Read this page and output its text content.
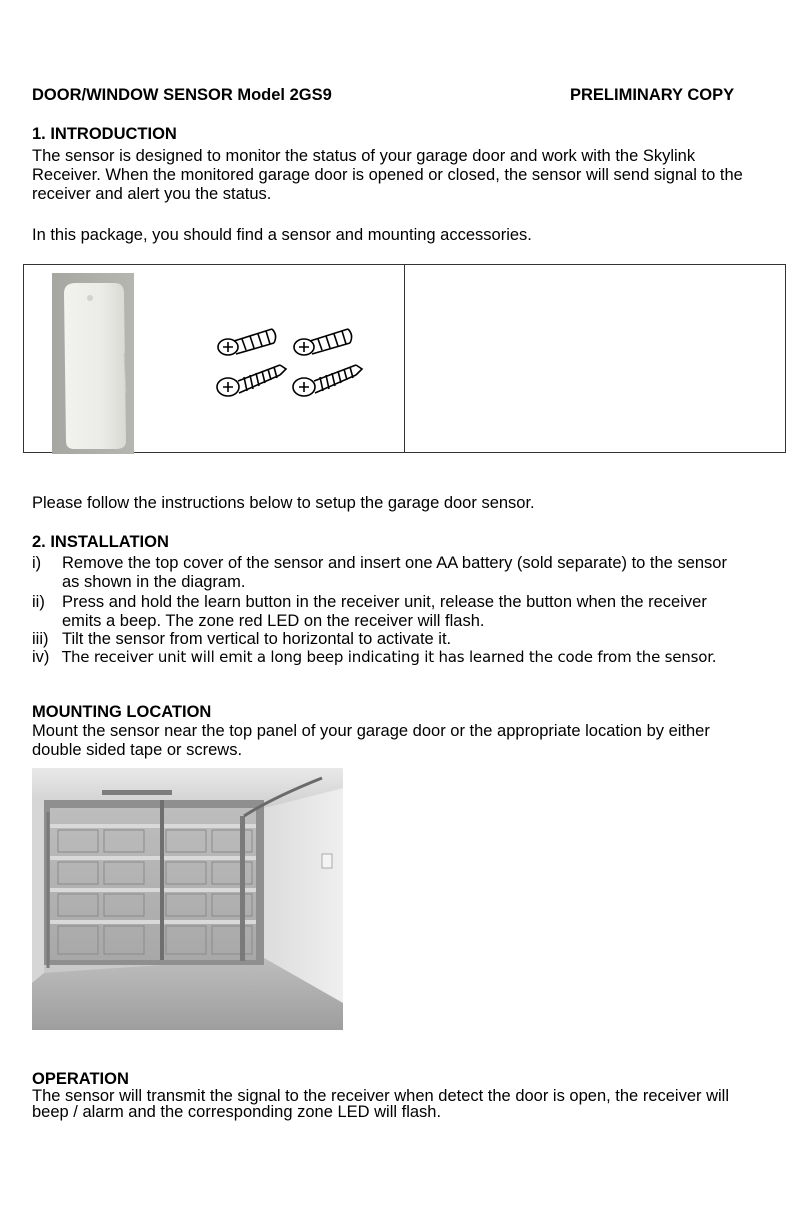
DOOR/WINDOW SENSOR Model 2GS9	PRELIMINARY COPY
1. INTRODUCTION
The sensor is designed to monitor the status of your garage door and work with the Skylink
Receiver. When the monitored garage door is opened or closed, the sensor will send signal to the
receiver and alert you the status.
In this package, you should find a sensor and mounting accessories.
Please follow the instructions below to setup the garage door sensor.
2. INSTALLATION
i)	Remove the top cover of the sensor and insert one AA battery (sold separate) to the sensor
as shown in the diagram.
ii)	Press and hold the learn button in the receiver unit, release the button when the receiver
emits a beep. The zone red LED on the receiver will flash.
iii) Tilt the sensor from vertical to horizontal to activate it.
iv) The receiver unit will emit a long beep indicating it has learned the code from the sensor.
MOUNTING LOCATION
Mount the sensor near the top panel of your garage door or the appropriate location by either
double sided tape or screws.
OPERATION
The sensor will transmit the signal to the receiver when detect the door is open, the receiver will
beep / alarm and the corresponding zone LED will flash.
